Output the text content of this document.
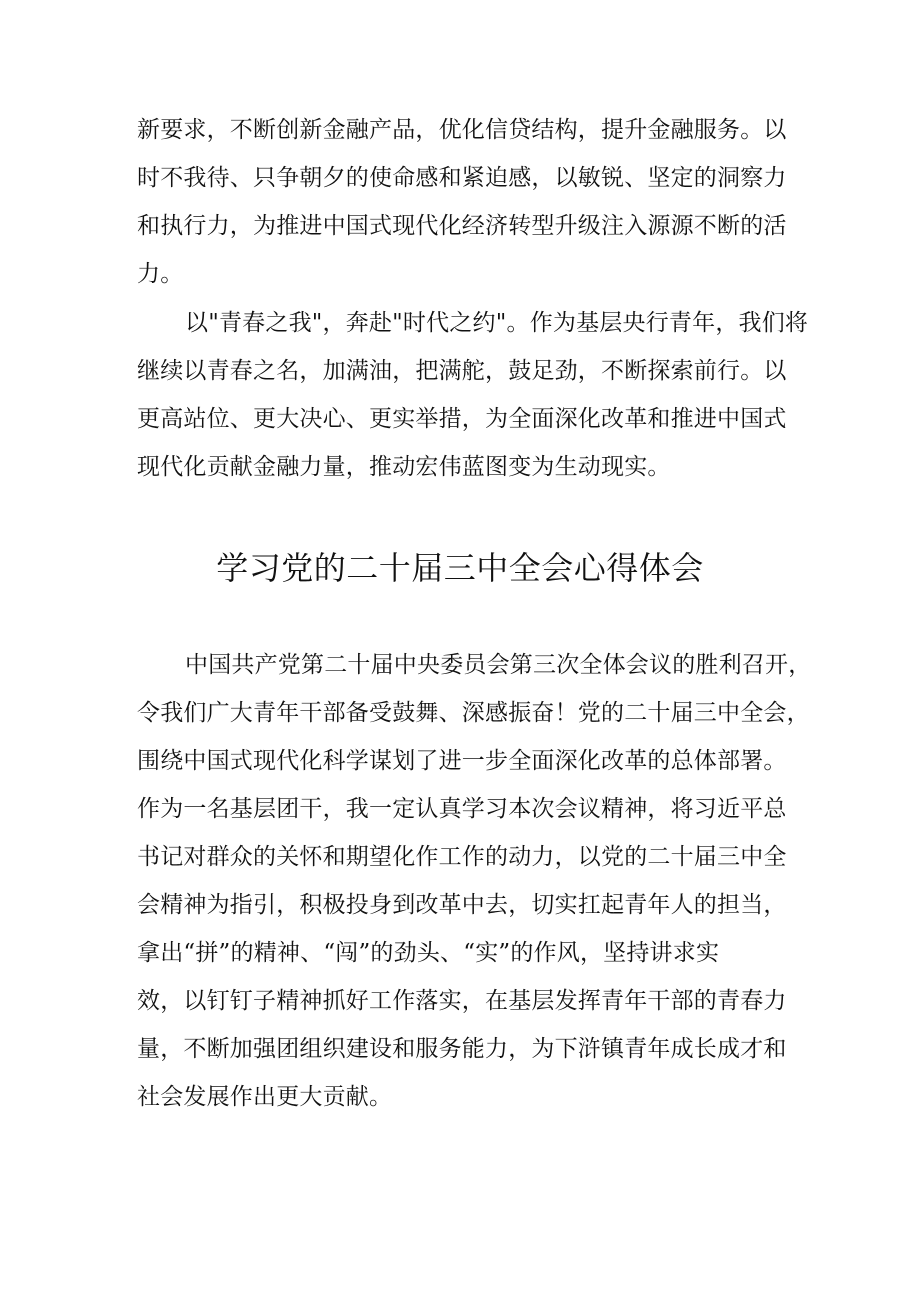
新要求，不断创新金融产品，优化信贷结构，提升金融服务。以
时不我待、只争朝夕的使命感和紧迫感，以敏锐、坚定的洞察力
和执行力，为推进中国式现代化经济转型升级注入源源不断的活
力。
以"青春之我"，奔赴"时代之约"。作为基层央行青年，我们将
继续以青春之名，加满油，把满舵，鼓足劲，不断探索前行。以
更高站位、更大决心、更实举措，为全面深化改革和推进中国式
现代化贡献金融力量，推动宏伟蓝图变为生动现实。
学习党的二十届三中全会心得体会
中国共产党第二十届中央委员会第三次全体会议的胜利召开，
令我们广大青年干部备受鼓舞、深感振奋！党的二十届三中全会，
围绕中国式现代化科学谋划了进一步全面深化改革的总体部署。
作为一名基层团干，我一定认真学习本次会议精神，将习近平总
书记对群众的关怀和期望化作工作的动力，以党的二十届三中全
会精神为指引，积极投身到改革中去，切实扛起青年人的担当，
拿出“拼”的精神、“闯”的劲头、“实”的作风，坚持讲求实
效，以钉钉子精神抓好工作落实，在基层发挥青年干部的青春力
量，不断加强团组织建设和服务能力，为下浒镇青年成长成才和
社会发展作出更大贡献。
